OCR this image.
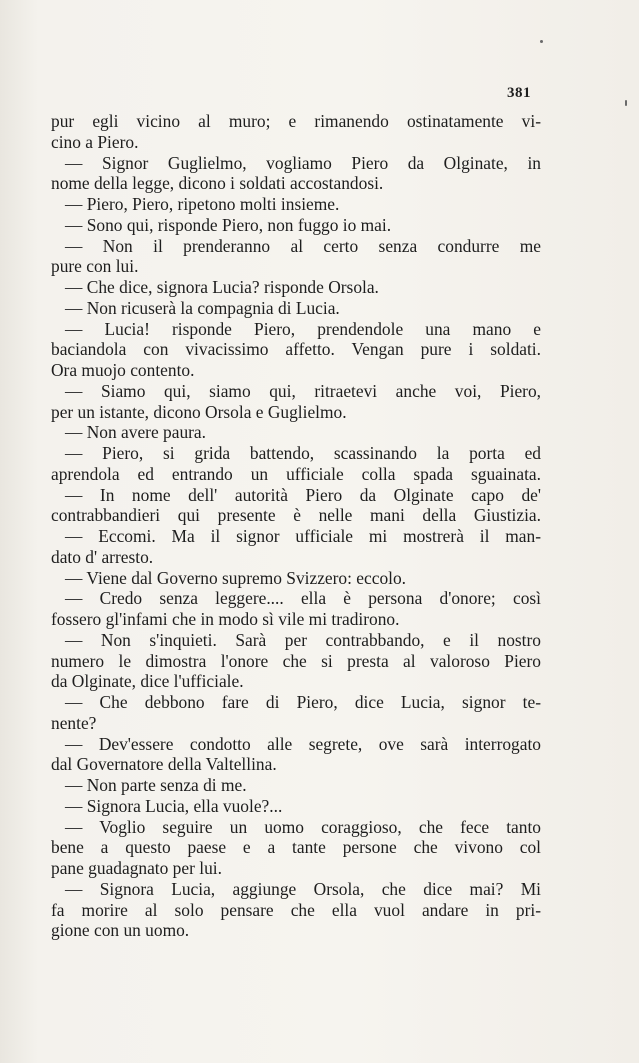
381
pur egli vicino al muro; e rimanendo ostinatamente vi-
cino a Piero.
— Signor Guglielmo, vogliamo Piero da Olginate, in
nome della legge, dicono i soldati accostandosi.
— Piero, Piero, ripetono molti insieme.
— Sono qui, risponde Piero, non fuggo io mai.
— Non il prenderanno al certo senza condurre me
pure con lui.
— Che dice, signora Lucia? risponde Orsola.
— Non ricuserà la compagnia di Lucia.
— Lucia! risponde Piero, prendendole una mano e
baciandola con vivacissimo affetto. Vengan pure i soldati.
Ora muojo contento.
— Siamo qui, siamo qui, ritraetevi anche voi, Piero,
per un istante, dicono Orsola e Guglielmo.
— Non avere paura.
— Piero, si grida battendo, scassinando la porta ed
aprendola ed entrando un ufficiale colla spada sguainata.
— In nome dell' autorità Piero da Olginate capo de'
contrabbandieri qui presente è nelle mani della Giustizia.
— Eccomi. Ma il signor ufficiale mi mostrerà il man-
dato d' arresto.
— Viene dal Governo supremo Svizzero: eccolo.
— Credo senza leggere.... ella è persona d'onore; così
fossero gl'infami che in modo sì vile mi tradirono.
— Non s'inquieti. Sarà per contrabbando, e il nostro
numero le dimostra l'onore che si presta al valoroso Piero
da Olginate, dice l'ufficiale.
— Che debbono fare di Piero, dice Lucia, signor te-
nente?
— Dev'essere condotto alle segrete, ove sarà interrogato
dal Governatore della Valtellina.
— Non parte senza di me.
— Signora Lucia, ella vuole?...
— Voglio seguire un uomo coraggioso, che fece tanto
bene a questo paese e a tante persone che vivono col
pane guadagnato per lui.
— Signora Lucia, aggiunge Orsola, che dice mai? Mi
fa morire al solo pensare che ella vuol andare in pri-
gione con un uomo.
